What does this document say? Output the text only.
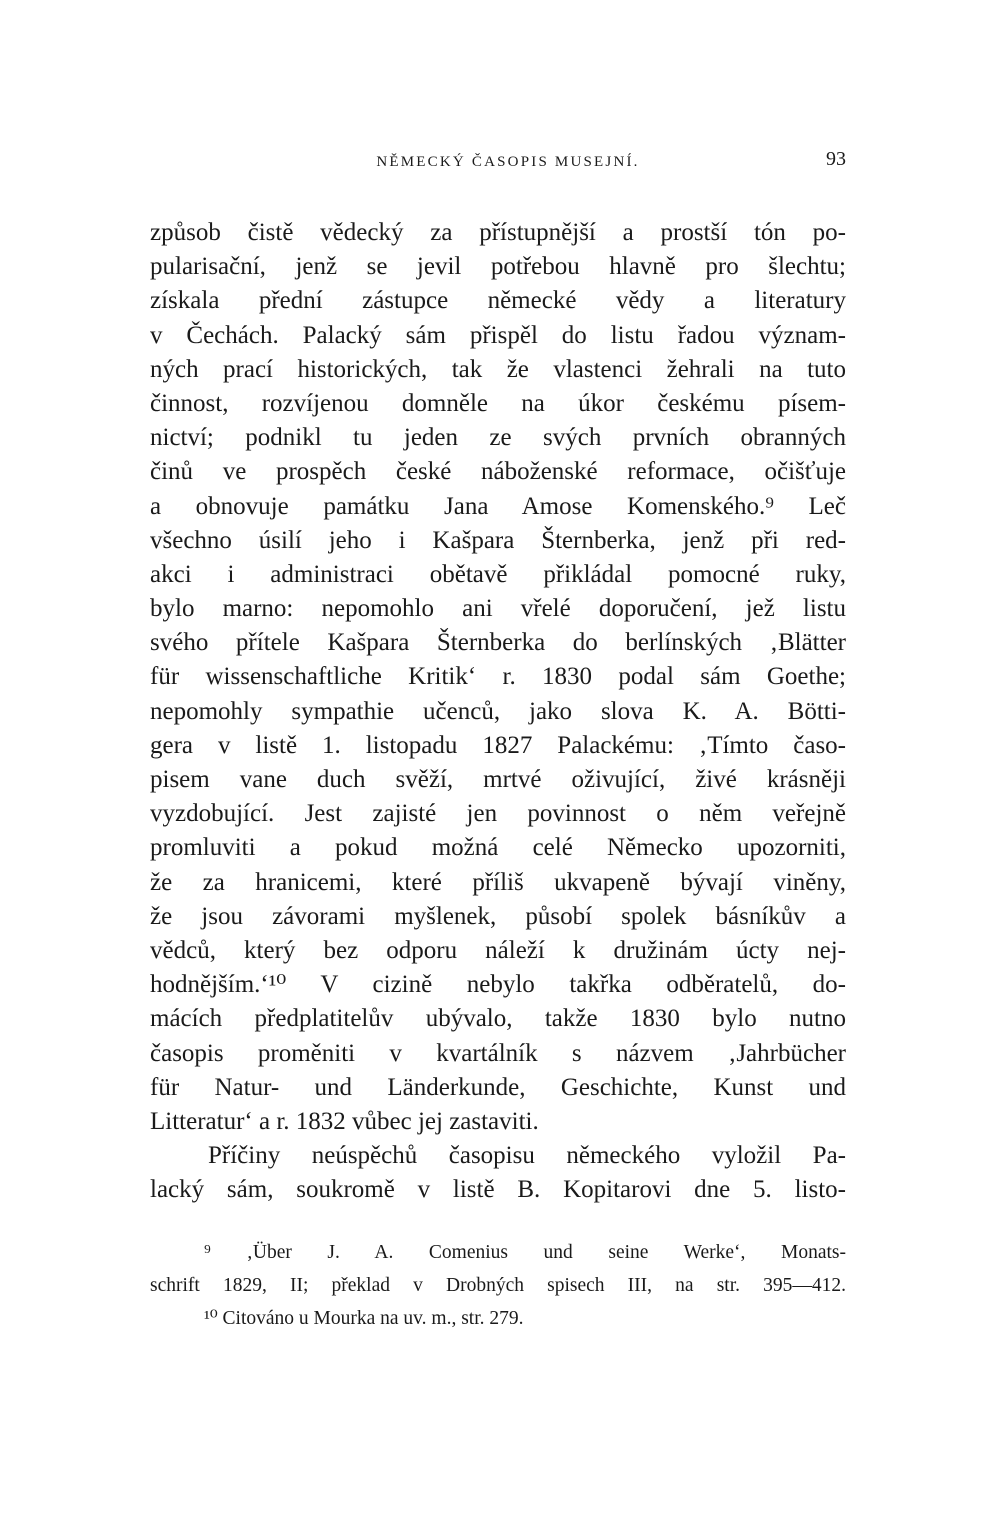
NĚMECKÝ ČASOPIS MUSEJNÍ.	93
způsob čistě vědecký za přístupnější a prostší tón po-
pularisační, jenž se jevil potřebou hlavně pro šlechtu;
získala přední zástupce německé vědy a literatury
v Čechách. Palacký sám přispěl do listu řadou význam-
ných prací historických, tak že vlastenci žehrali na tuto
činnost, rozvíjenou domněle na úkor českému písem-
nictví; podnikl tu jeden ze svých prvních obranných
činů ve prospěch české náboženské reformace, očišťuje
a obnovuje památku Jana Amose Komenského.⁹ Leč
všechno úsilí jeho i Kašpara Šternberka, jenž při red-
akci i administraci obětavě přikládal pomocné ruky,
bylo marno: nepomohlo ani vřelé doporučení, jež listu
svého přítele Kašpara Šternberka do berlínských ‚Blätter
für wissenschaftliche Kritik‘ r. 1830 podal sám Goethe;
nepomohly sympathie učenců, jako slova K. A. Bötti-
gera v listě 1. listopadu 1827 Palackému: ‚Tímto časo-
pisem vane duch svěží, mrtvé oživující, živé krásněji
vyzdobující. Jest zajisté jen povinnost o něm veřejně
promluviti a pokud možná celé Německo upozorniti,
že za hranicemi, které příliš ukvapeně bývají viněny,
že jsou závorami myšlenek, působí spolek básníkův a
vědců, který bez odporu náleží k družinám úcty nej-
hodnějším.‘¹⁰ V cizině nebylo takřka odběratelů, do-
mácích předplatitelův ubývalo, takže 1830 bylo nutno
časopis proměniti v kvartálník s názvem ‚Jahrbücher
für Natur- und Länderkunde, Geschichte, Kunst und
Litteratur‘ a r. 1832 vůbec jej zastaviti.
Příčiny neúspěchů časopisu německého vyložil Pa-
lacký sám, soukromě v listě B. Kopitarovi dne 5. listo-
⁹ ‚Über J. A. Comenius und seine Werke‘, Monats-
schrift 1829, II; překlad v Drobných spisech III, na str. 395—412.
¹⁰ Citováno u Mourka na uv. m., str. 279.
